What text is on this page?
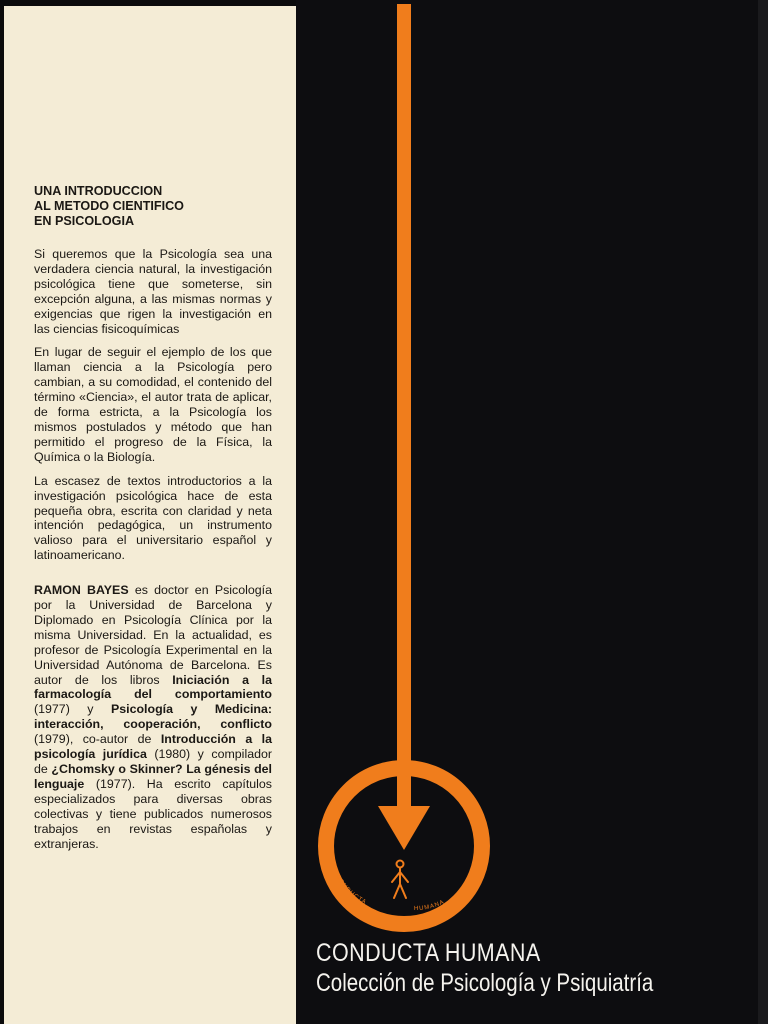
UNA INTRODUCCION
AL METODO CIENTIFICO
EN PSICOLOGIA

Si queremos que la Psicología sea una verdadera ciencia natural, la investigación psicológica tiene que someterse, sin excepción alguna, a las mismas normas y exigencias que rigen la investigación en las ciencias fisicoquímicas

En lugar de seguir el ejemplo de los que llaman ciencia a la Psicología pero cambian, a su comodidad, el contenido del término «Ciencia», el autor trata de aplicar, de forma estricta, a la Psicología los mismos postulados y método que han permitido el progreso de la Física, la Química o la Biología.

La escasez de textos introductorios a la investigación psicológica hace de esta pequeña obra, escrita con claridad y neta intención pedagógica, un instrumento valioso para el universitario español y latinoamericano.

RAMON BAYES es doctor en Psicología por la Universidad de Barcelona y Diplomado en Psicología Clínica por la misma Universidad. En la actualidad, es profesor de Psicología Experimental en la Universidad Autónoma de Barcelona. Es autor de los libros Iniciación a la farmacología del comportamiento (1977) y Psicología y Medicina: interacción, cooperación, conflicto (1979), co-autor de Introducción a la psicología jurídica (1980) y compilador de ¿Chomsky o Skinner? La génesis del lenguaje (1977). Ha escrito capítulos especializados para diversas obras colectivas y tiene publicados numerosos trabajos en revistas españolas y extranjeras.

CONDUCTA
HUMANA
CONDUCTA HUMANA
Colección de Psicología y Psiquiatría
